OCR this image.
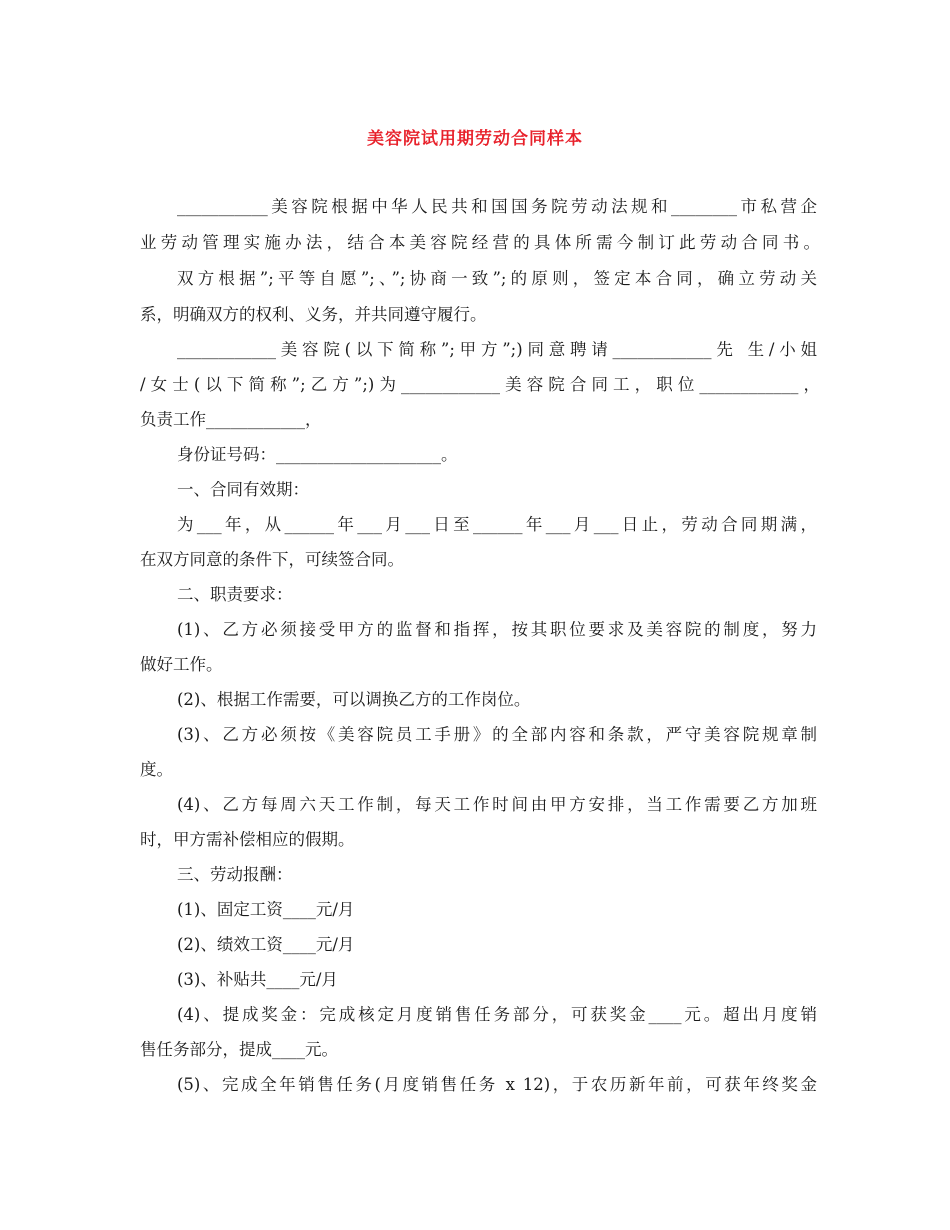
美容院试用期劳动合同样本
___________美容院根据中华人民共和国国务院劳动法规和________市私营企
业劳动管理实施办法，结合本美容院经营的具体所需今制订此劳动合同书。
双方根据”;平等自愿”;、”;协商一致”;的原则，签定本合同，确立劳动关
系，明确双方的权利、义务，并共同遵守履行。
____________美容院(以下简称”;甲方”;)同意聘请____________先 生/小姐
/女士(以下简称”;乙方”;)为____________美容院合同工，职位____________，
负责工作____________，
身份证号码：____________________。
一、合同有效期：
为___年，从______年___月___日至______年___月___日止，劳动合同期满，
在双方同意的条件下，可续签合同。
二、职责要求：
(1)、乙方必须接受甲方的监督和指挥，按其职位要求及美容院的制度，努力
做好工作。
(2)、根据工作需要，可以调换乙方的工作岗位。
(3)、乙方必须按《美容院员工手册》的全部内容和条款，严守美容院规章制
度。
(4)、乙方每周六天工作制，每天工作时间由甲方安排，当工作需要乙方加班
时，甲方需补偿相应的假期。
三、劳动报酬：
(1)、固定工资____元/月
(2)、绩效工资____元/月
(3)、补贴共____元/月
(4)、提成奖金：完成核定月度销售任务部分，可获奖金____元。超出月度销
售任务部分，提成____元。
(5)、完成全年销售任务(月度销售任务 x 12)，于农历新年前，可获年终奖金
